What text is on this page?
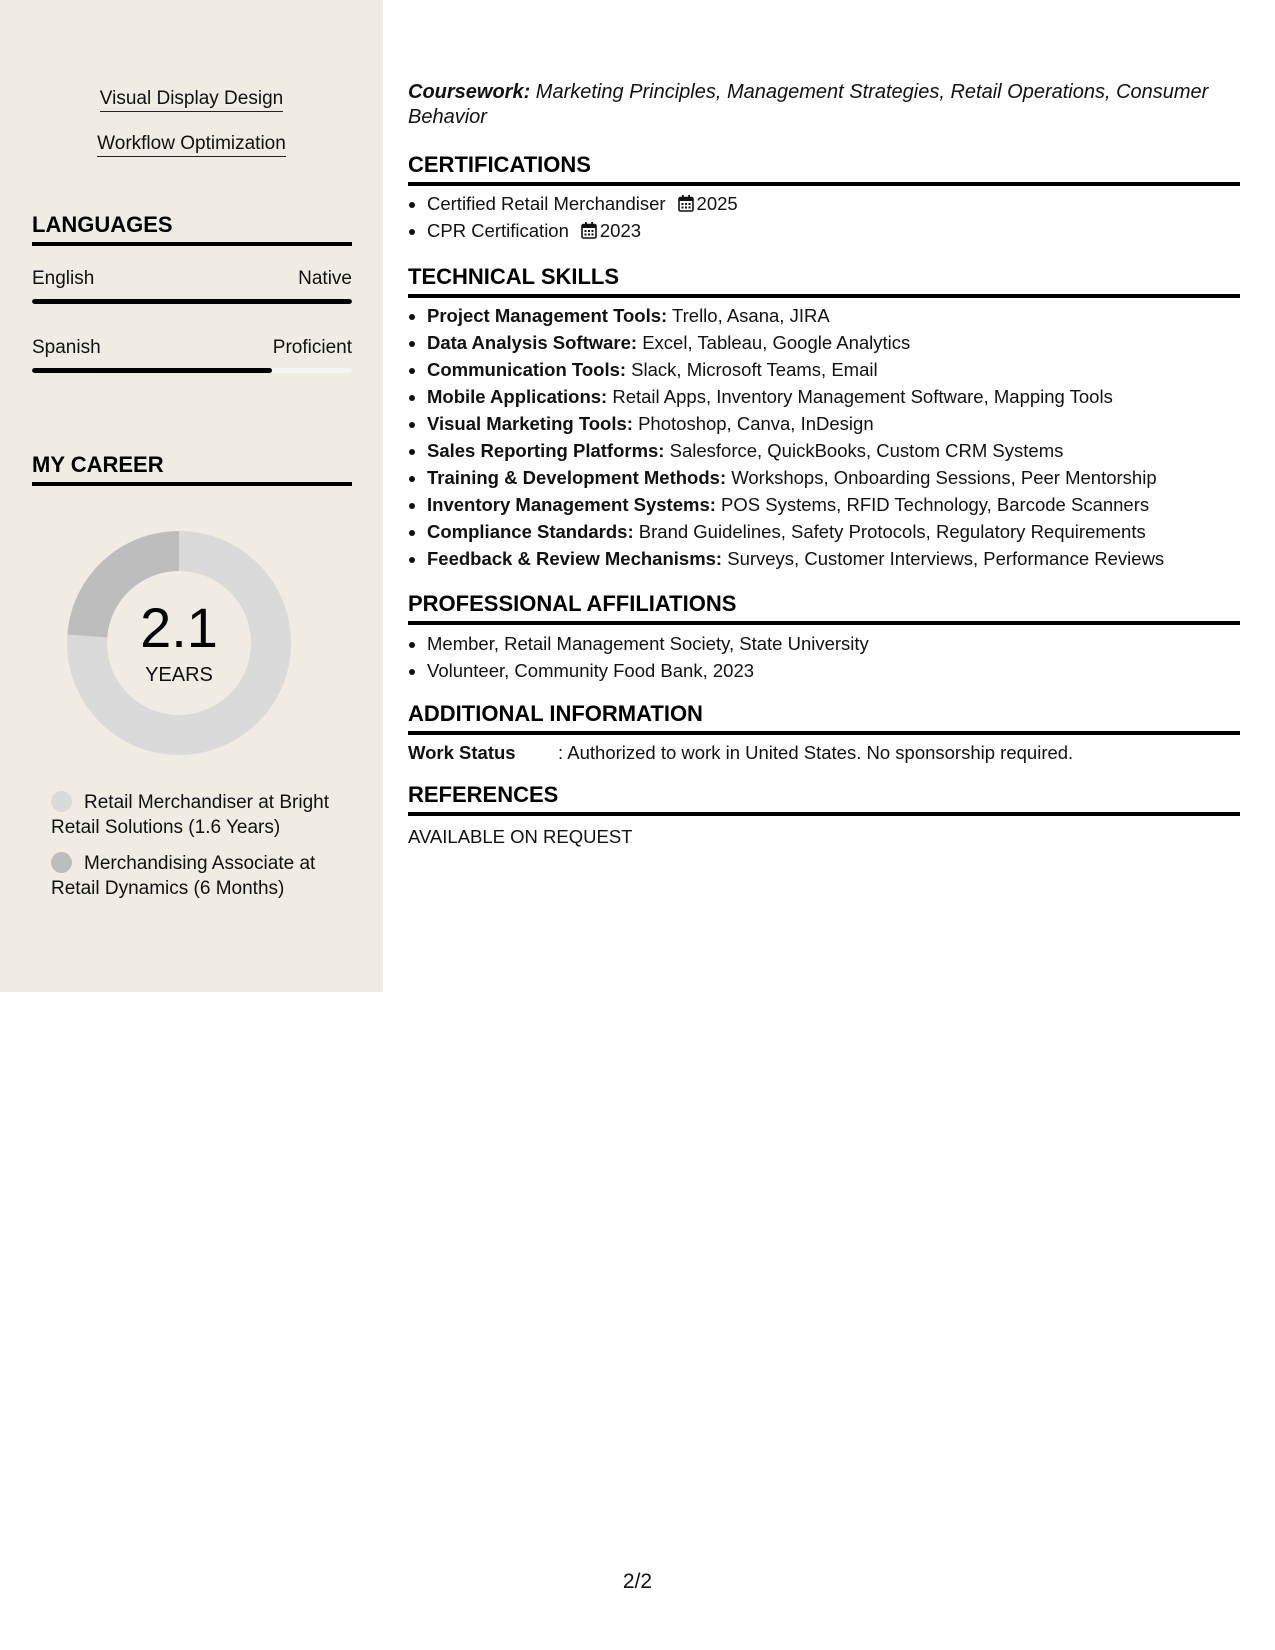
Visual Display Design
Workflow Optimization
LANGUAGES
English	Native
Spanish	Proficient
MY CAREER
2.1
YEARS
Retail Merchandiser at Bright Retail Solutions (1.6 Years)
Merchandising Associate at Retail Dynamics (6 Months)
Coursework: Marketing Principles, Management Strategies, Retail Operations, Consumer Behavior
CERTIFICATIONS
• Certified Retail Merchandiser 2025
• CPR Certification 2023
TECHNICAL SKILLS
• Project Management Tools: Trello, Asana, JIRA
• Data Analysis Software: Excel, Tableau, Google Analytics
• Communication Tools: Slack, Microsoft Teams, Email
• Mobile Applications: Retail Apps, Inventory Management Software, Mapping Tools
• Visual Marketing Tools: Photoshop, Canva, InDesign
• Sales Reporting Platforms: Salesforce, QuickBooks, Custom CRM Systems
• Training & Development Methods: Workshops, Onboarding Sessions, Peer Mentorship
• Inventory Management Systems: POS Systems, RFID Technology, Barcode Scanners
• Compliance Standards: Brand Guidelines, Safety Protocols, Regulatory Requirements
• Feedback & Review Mechanisms: Surveys, Customer Interviews, Performance Reviews
PROFESSIONAL AFFILIATIONS
• Member, Retail Management Society, State University
• Volunteer, Community Food Bank, 2023
ADDITIONAL INFORMATION
Work Status : Authorized to work in United States. No sponsorship required.
REFERENCES
AVAILABLE ON REQUEST
2/2
